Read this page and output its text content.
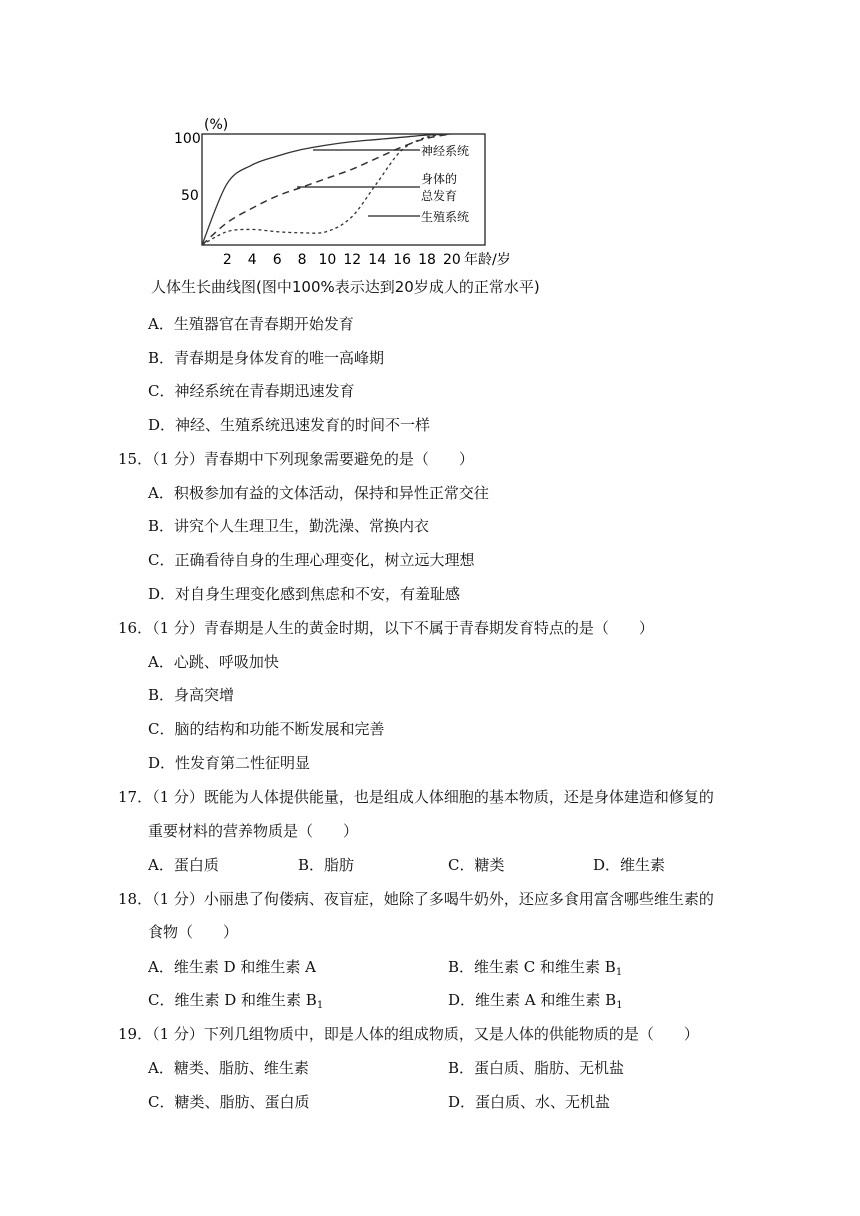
(%)
100
50
2 4 6 8 10 12 14 16 18 20 年龄/岁
神经系统
身体的
总发育
生殖系统
人体生长曲线图(图中100%表示达到20岁成人的正常水平)
A．生殖器官在青春期开始发育
B．青春期是身体发育的唯一高峰期
C．神经系统在青春期迅速发育
D．神经、生殖系统迅速发育的时间不一样
15．（1 分）青春期中下列现象需要避免的是（　　）
A．积极参加有益的文体活动，保持和异性正常交往
B．讲究个人生理卫生，勤洗澡、常换内衣
C．正确看待自身的生理心理变化，树立远大理想
D．对自身生理变化感到焦虑和不安，有羞耻感
16．（1 分）青春期是人生的黄金时期，以下不属于青春期发育特点的是（　　）
A．心跳、呼吸加快
B．身高突增
C．脑的结构和功能不断发展和完善
D．性发育第二性征明显
17．（1 分）既能为人体提供能量，也是组成人体细胞的基本物质，还是身体建造和修复的
重要材料的营养物质是（　　）
A．蛋白质	B．脂肪	C．糖类	D．维生素
18．（1 分）小丽患了佝偻病、夜盲症，她除了多喝牛奶外，还应多食用富含哪些维生素的
食物（　　）
A．维生素 D 和维生素 A	B．维生素 C 和维生素 $B_1$
C．维生素 D 和维生素 $B_1$	D．维生素 A 和维生素 $B_1$
19．（1 分）下列几组物质中，即是人体的组成物质，又是人体的供能物质的是（　　）
A．糖类、脂肪、维生素	B．蛋白质、脂肪、无机盐
C．糖类、脂肪、蛋白质	D．蛋白质、水、无机盐
